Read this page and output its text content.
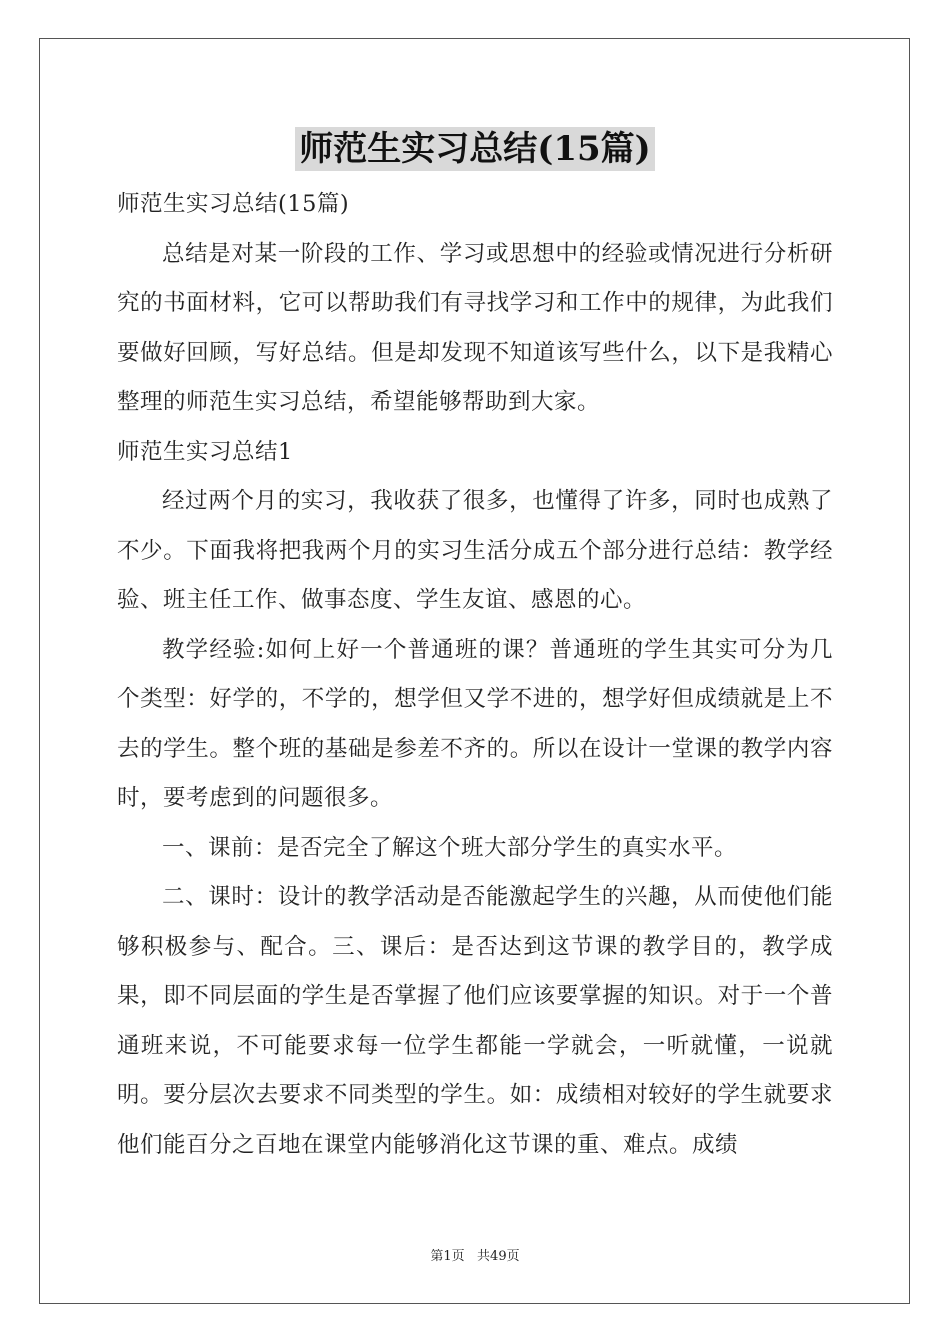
师范生实习总结(15篇)

师范生实习总结(15篇)

总结是对某一阶段的工作、学习或思想中的经验或情况进行分析研究的书面材料，它可以帮助我们有寻找学习和工作中的规律，为此我们要做好回顾，写好总结。但是却发现不知道该写些什么，以下是我精心整理的师范生实习总结，希望能够帮助到大家。

师范生实习总结1

经过两个月的实习，我收获了很多，也懂得了许多，同时也成熟了不少。下面我将把我两个月的实习生活分成五个部分进行总结：教学经验、班主任工作、做事态度、学生友谊、感恩的心。

教学经验:如何上好一个普通班的课？普通班的学生其实可分为几个类型：好学的，不学的，想学但又学不进的，想学好但成绩就是上不去的学生。整个班的基础是参差不齐的。所以在设计一堂课的教学内容时，要考虑到的问题很多。

一、课前：是否完全了解这个班大部分学生的真实水平。

二、课时：设计的教学活动是否能激起学生的兴趣，从而使他们能够积极参与、配合。三、课后：是否达到这节课的教学目的，教学成果，即不同层面的学生是否掌握了他们应该要掌握的知识。对于一个普通班来说，不可能要求每一位学生都能一学就会，一听就懂，一说就明。要分层次去要求不同类型的学生。如：成绩相对较好的学生就要求他们能百分之百地在课堂内能够消化这节课的重、难点。成绩

第1页   共49页
